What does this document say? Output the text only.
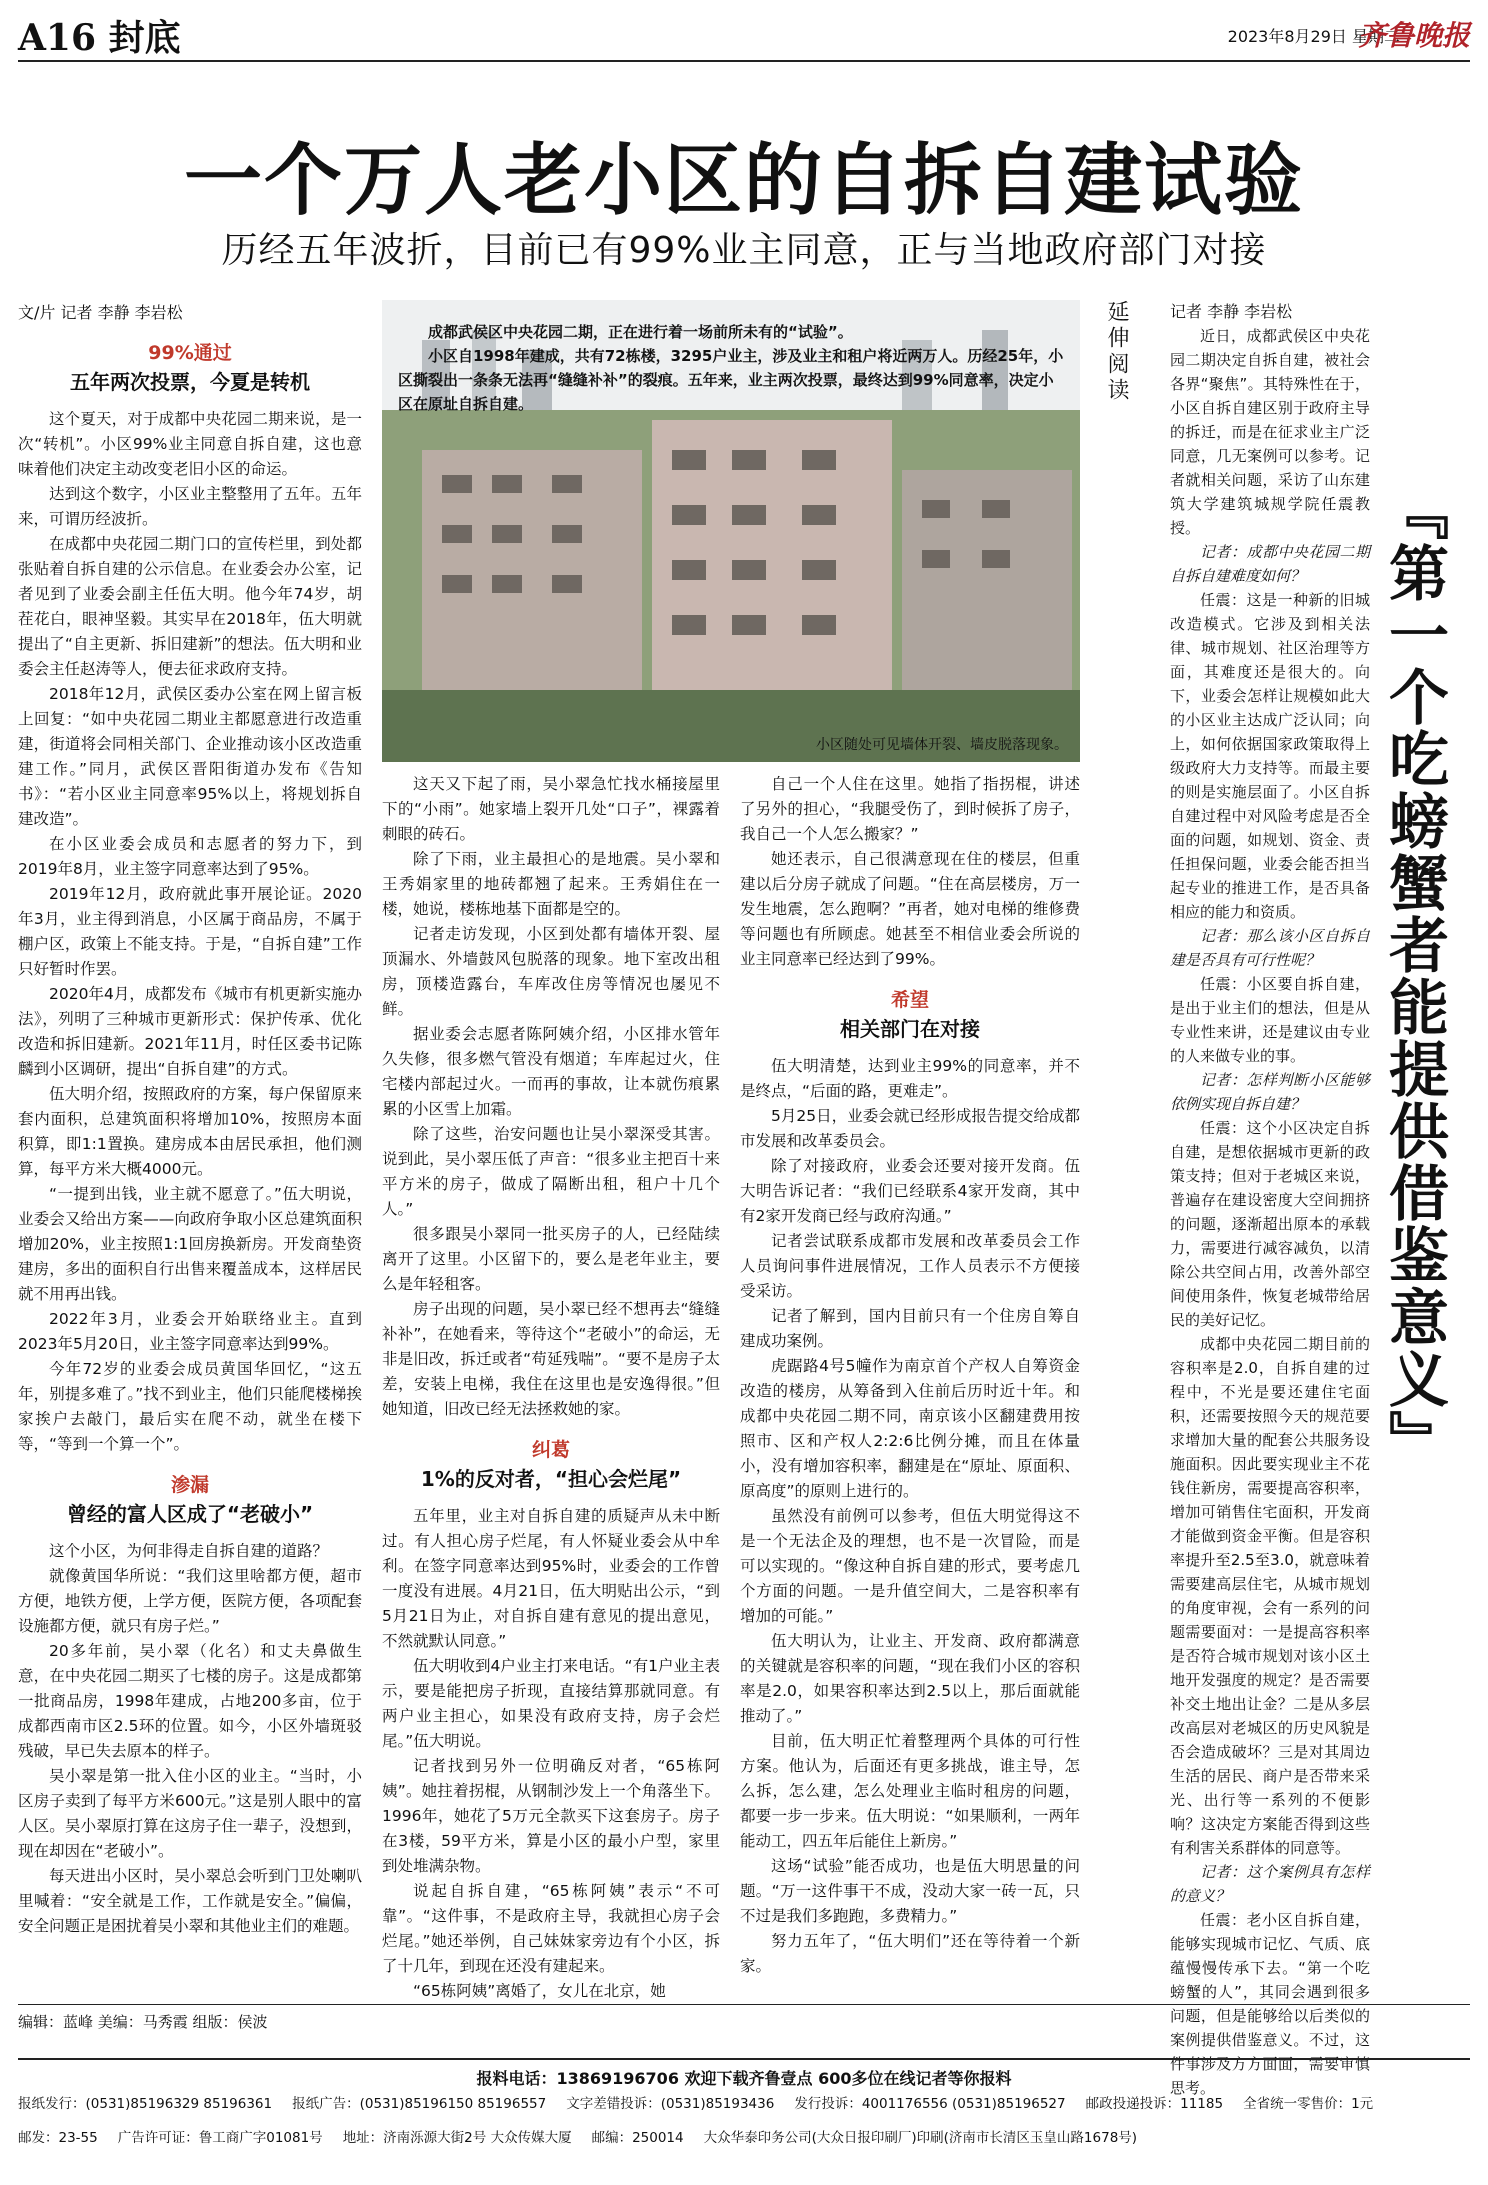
A16 封底	2023年8月29日 星期二
齐鲁晚报
一个万人老小区的自拆自建试验
历经五年波折，目前已有99%业主同意，正与当地政府部门对接
文/片 记者 李静 李岩松
99%通过
五年两次投票，今夏是转机

这个夏天，对于成都中央花园二期来说，是一次“转机”。小区99%业主同意自拆自建，这也意味着他们决定主动改变老旧小区的命运。

达到这个数字，小区业主整整用了五年。五年来，可谓历经波折。

在成都中央花园二期门口的宣传栏里，到处都张贴着自拆自建的公示信息。在业委会办公室，记者见到了业委会副主任伍大明。他今年74岁，胡茬花白，眼神坚毅。其实早在2018年，伍大明就提出了“自主更新、拆旧建新”的想法。伍大明和业委会主任赵涛等人，便去征求政府支持。

2018年12月，武侯区委办公室在网上留言板上回复：“如中央花园二期业主都愿意进行改造重建，街道将会同相关部门、企业推动该小区改造重建工作。”同月，武侯区晋阳街道办发布《告知书》：“若小区业主同意率95%以上，将规划拆自建改造”。

在小区业委会成员和志愿者的努力下，到2019年8月，业主签字同意率达到了95%。

2019年12月，政府就此事开展论证。2020年3月，业主得到消息，小区属于商品房，不属于棚户区，政策上不能支持。于是，“自拆自建”工作只好暂时作罢。

2020年4月，成都发布《城市有机更新实施办法》，列明了三种城市更新形式：保护传承、优化改造和拆旧建新。2021年11月，时任区委书记陈麟到小区调研，提出“自拆自建”的方式。

伍大明介绍，按照政府的方案，每户保留原来套内面积，总建筑面积将增加10%，按照房本面积算，即1:1置换。建房成本由居民承担，他们测算，每平方米大概4000元。

“一提到出钱，业主就不愿意了。”伍大明说，业委会又给出方案——向政府争取小区总建筑面积增加20%，业主按照1:1回房换新房。开发商垫资建房，多出的面积自行出售来覆盖成本，这样居民就不用再出钱。

2022年3月，业委会开始联络业主。直到2023年5月20日，业主签字同意率达到99%。

今年72岁的业委会成员黄国华回忆，“这五年，别提多难了。”找不到业主，他们只能爬楼梯挨家挨户去敲门，最后实在爬不动，就坐在楼下等，“等到一个算一个”。

渗漏
曾经的富人区成了“老破小”

这个小区，为何非得走自拆自建的道路？

就像黄国华所说：“我们这里啥都方便，超市方便，地铁方便，上学方便，医院方便，各项配套设施都方便，就只有房子烂。”

20多年前，吴小翠（化名）和丈夫鼻做生意，在中央花园二期买了七楼的房子。这是成都第一批商品房，1998年建成，占地200多亩，位于成都西南市区2.5环的位置。如今，小区外墙斑驳残破，早已失去原本的样子。

吴小翠是第一批入住小区的业主。“当时，小区房子卖到了每平方米600元。”这是别人眼中的富人区。吴小翠原打算在这房子住一辈子，没想到，现在却因在“老破小”。

每天进出小区时，吴小翠总会听到门卫处喇叭里喊着：“安全就是工作，工作就是安全。”偏偏，安全问题正是困扰着吴小翠和其他业主们的难题。

成都武侯区中央花园二期，正在进行着一场前所未有的“试验”。

小区自1998年建成，共有72栋楼，3295户业主，涉及业主和租户将近两万人。历经25年，小区撕裂出一条条无法再“缝缝补补”的裂痕。五年来，业主两次投票，最终达到99%同意率，决定小区在原址自拆自建。

小区随处可见墙体开裂、墙皮脱落现象。

这天又下起了雨，吴小翠急忙找水桶接屋里下的“小雨”。她家墙上裂开几处“口子”，裸露着刺眼的砖石。

除了下雨，业主最担心的是地震。吴小翠和王秀娟家里的地砖都翘了起来。王秀娟住在一楼，她说，楼栋地基下面都是空的。

记者走访发现，小区到处都有墙体开裂、屋顶漏水、外墙鼓风包脱落的现象。地下室改出租房，顶楼造露台，车库改住房等情况也屡见不鲜。

据业委会志愿者陈阿姨介绍，小区排水管年久失修，很多燃气管没有烟道；车库起过火，住宅楼内部起过火。一而再的事故，让本就伤痕累累的小区雪上加霜。

除了这些，治安问题也让吴小翠深受其害。说到此，吴小翠压低了声音：“很多业主把百十来平方米的房子，做成了隔断出租，租户十几个人。”

很多跟吴小翠同一批买房子的人，已经陆续离开了这里。小区留下的，要么是老年业主，要么是年轻租客。

房子出现的问题，吴小翠已经不想再去“缝缝补补”，在她看来，等待这个“老破小”的命运，无非是旧改，拆迁或者“苟延残喘”。“要不是房子太差，安装上电梯，我住在这里也是安逸得很。”但她知道，旧改已经无法拯救她的家。

纠葛
1%的反对者，“担心会烂尾”

五年里，业主对自拆自建的质疑声从未中断过。有人担心房子烂尾，有人怀疑业委会从中牟利。在签字同意率达到95%时，业委会的工作曾一度没有进展。4月21日，伍大明贴出公示，“到5月21日为止，对自拆自建有意见的提出意见，不然就默认同意。”

伍大明收到4户业主打来电话。“有1户业主表示，要是能把房子折现，直接结算那就同意。有两户业主担心，如果没有政府支持，房子会烂尾。”伍大明说。

记者找到另外一位明确反对者，“65栋阿姨”。她拄着拐棍，从钢制沙发上一个角落坐下。1996年，她花了5万元全款买下这套房子。房子在3楼，59平方米，算是小区的最小户型，家里到处堆满杂物。

说起自拆自建，“65栋阿姨”表示“不可靠”。“这件事，不是政府主导，我就担心房子会烂尾。”她还举例，自己妹妹家旁边有个小区，拆了十几年，到现在还没有建起来。

“65栋阿姨”离婚了，女儿在北京，她

自己一个人住在这里。她指了指拐棍，讲述了另外的担心，“我腿受伤了，到时候拆了房子，我自己一个人怎么搬家？”

她还表示，自己很满意现在住的楼层，但重建以后分房子就成了问题。“住在高层楼房，万一发生地震，怎么跑啊？”再者，她对电梯的维修费等问题也有所顾虑。她甚至不相信业委会所说的业主同意率已经达到了99%。

希望
相关部门在对接

伍大明清楚，达到业主99%的同意率，并不是终点，“后面的路，更难走”。

5月25日，业委会就已经形成报告提交给成都市发展和改革委员会。

除了对接政府，业委会还要对接开发商。伍大明告诉记者：“我们已经联系4家开发商，其中有2家开发商已经与政府沟通。”

记者尝试联系成都市发展和改革委员会工作人员询问事件进展情况，工作人员表示不方便接受采访。

记者了解到，国内目前只有一个住房自筹自建成功案例。

虎踞路4号5幢作为南京首个产权人自筹资金改造的楼房，从筹备到入住前后历时近十年。和成都中央花园二期不同，南京该小区翻建费用按照市、区和产权人2:2:6比例分摊，而且在体量小，没有增加容积率，翻建是在“原址、原面积、原高度”的原则上进行的。

虽然没有前例可以参考，但伍大明觉得这不是一个无法企及的理想，也不是一次冒险，而是可以实现的。“像这种自拆自建的形式，要考虑几个方面的问题。一是升值空间大，二是容积率有增加的可能。”

伍大明认为，让业主、开发商、政府都满意的关键就是容积率的问题，“现在我们小区的容积率是2.0，如果容积率达到2.5以上，那后面就能推动了。”

目前，伍大明正忙着整理两个具体的可行性方案。他认为，后面还有更多挑战，谁主导，怎么拆，怎么建，怎么处理业主临时租房的问题，都要一步一步来。伍大明说：“如果顺利，一两年能动工，四五年后能住上新房。”

这场“试验”能否成功，也是伍大明思量的问题。“万一这件事干不成，没动大家一砖一瓦，只不过是我们多跑跑，多费精力。”

努力五年了，“伍大明们”还在等待着一个新家。

延伸阅读	记者 李静 李岩松

近日，成都武侯区中央花园二期决定自拆自建，被社会各界“聚焦”。其特殊性在于，小区自拆自建区别于政府主导的拆迁，而是在征求业主广泛同意，几无案例可以参考。记者就相关问题，采访了山东建筑大学建筑城规学院任震教授。

记者：成都中央花园二期自拆自建难度如何？

任震：这是一种新的旧城改造模式。它涉及到相关法律、城市规划、社区治理等方面，其难度还是很大的。向下，业委会怎样让规模如此大的小区业主达成广泛认同；向上，如何依据国家政策取得上级政府大力支持等。而最主要的则是实施层面了。小区自拆自建过程中对风险考虑是否全面的问题，如规划、资金、责任担保问题，业委会能否担当起专业的推进工作，是否具备相应的能力和资质。

记者：那么该小区自拆自建是否具有可行性呢？

任震：小区要自拆自建，是出于业主们的想法，但是从专业性来讲，还是建议由专业的人来做专业的事。

记者：怎样判断小区能够依例实现自拆自建？

任震：这个小区决定自拆自建，是想依据城市更新的政策支持；但对于老城区来说，普遍存在建设密度大空间拥挤的问题，逐渐超出原本的承载力，需要进行减容减负，以清除公共空间占用，改善外部空间使用条件，恢复老城带给居民的美好记忆。

成都中央花园二期目前的容积率是2.0，自拆自建的过程中，不光是要还建住宅面积，还需要按照今天的规范要求增加大量的配套公共服务设施面积。因此要实现业主不花钱住新房，需要提高容积率，增加可销售住宅面积，开发商才能做到资金平衡。但是容积率提升至2.5至3.0，就意味着需要建高层住宅，从城市规划的角度审视，会有一系列的问题需要面对：一是提高容积率是否符合城市规划对该小区土地开发强度的规定？是否需要补交土地出让金？二是从多层改高层对老城区的历史风貌是否会造成破坏？三是对其周边生活的居民、商户是否带来采光、出行等一系列的不便影响？这决定方案能否得到这些有利害关系群体的同意等。

记者：这个案例具有怎样的意义？

任震：老小区自拆自建，能够实现城市记忆、气质、底蕴慢慢传承下去。“第一个吃螃蟹的人”，其同会遇到很多问题，但是能够给以后类似的案例提供借鉴意义。不过，这件事涉及方方面面，需要审慎思考。

『第一个吃螃蟹者能提供借鉴意义』
编辑：蓝峰 美编：马秀霞 组版：侯波
报料电话：13869196706 欢迎下载齐鲁壹点 600多位在线记者等你报料
报纸发行：(0531)85196329 85196361 报纸广告：(0531)85196150 85196557 文字差错投诉：(0531)85193436 发行投诉：4001176556 (0531)85196527 邮政投递投诉：11185 全省统一零售价：1元
邮发：23-55 广告许可证：鲁工商广字01081号 地址：济南泺源大街2号 大众传媒大厦 邮编：250014 大众华泰印务公司(大众日报印刷厂)印刷(济南市长清区玉皇山路1678号)
